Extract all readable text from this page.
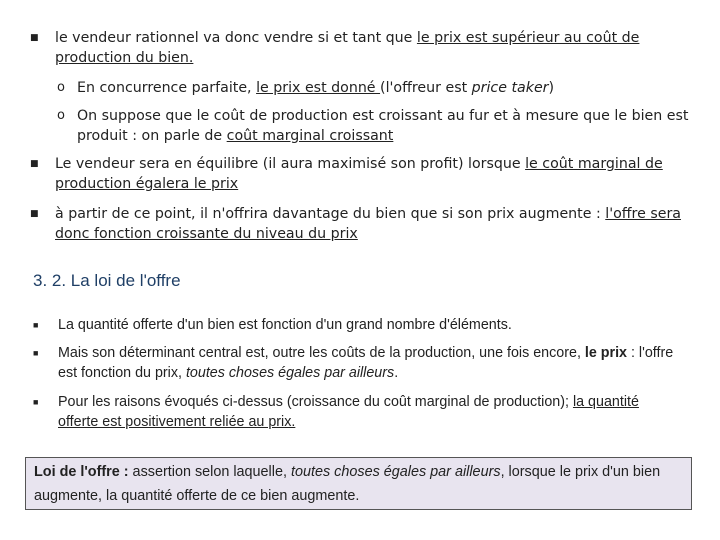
■ le vendeur rationnel va donc vendre si et tant que le prix est supérieur au coût de production du bien.
o En concurrence parfaite, le prix est donné (l'offreur est price taker)
o On suppose que le coût de production est croissant au fur et à mesure que le bien est produit : on parle de coût marginal croissant
■ Le vendeur sera en équilibre (il aura maximisé son profit) lorsque le coût marginal de production égalera le prix
■ à partir de ce point, il n'offrira davantage du bien que si son prix augmente : l'offre sera donc fonction croissante du niveau du prix
3. 2. La loi de l'offre
■ La quantité offerte d'un bien est fonction d'un grand nombre d'éléments.
■ Mais son déterminant central est, outre les coûts de la production, une fois encore, le prix : l'offre est fonction du prix, toutes choses égales par ailleurs.
■ Pour les raisons évoqués ci-dessus (croissance du coût marginal de production); la quantité offerte est positivement reliée au prix.
Loi de l'offre : assertion selon laquelle, toutes choses égales par ailleurs, lorsque le prix d'un bien augmente, la quantité offerte de ce bien augmente.
